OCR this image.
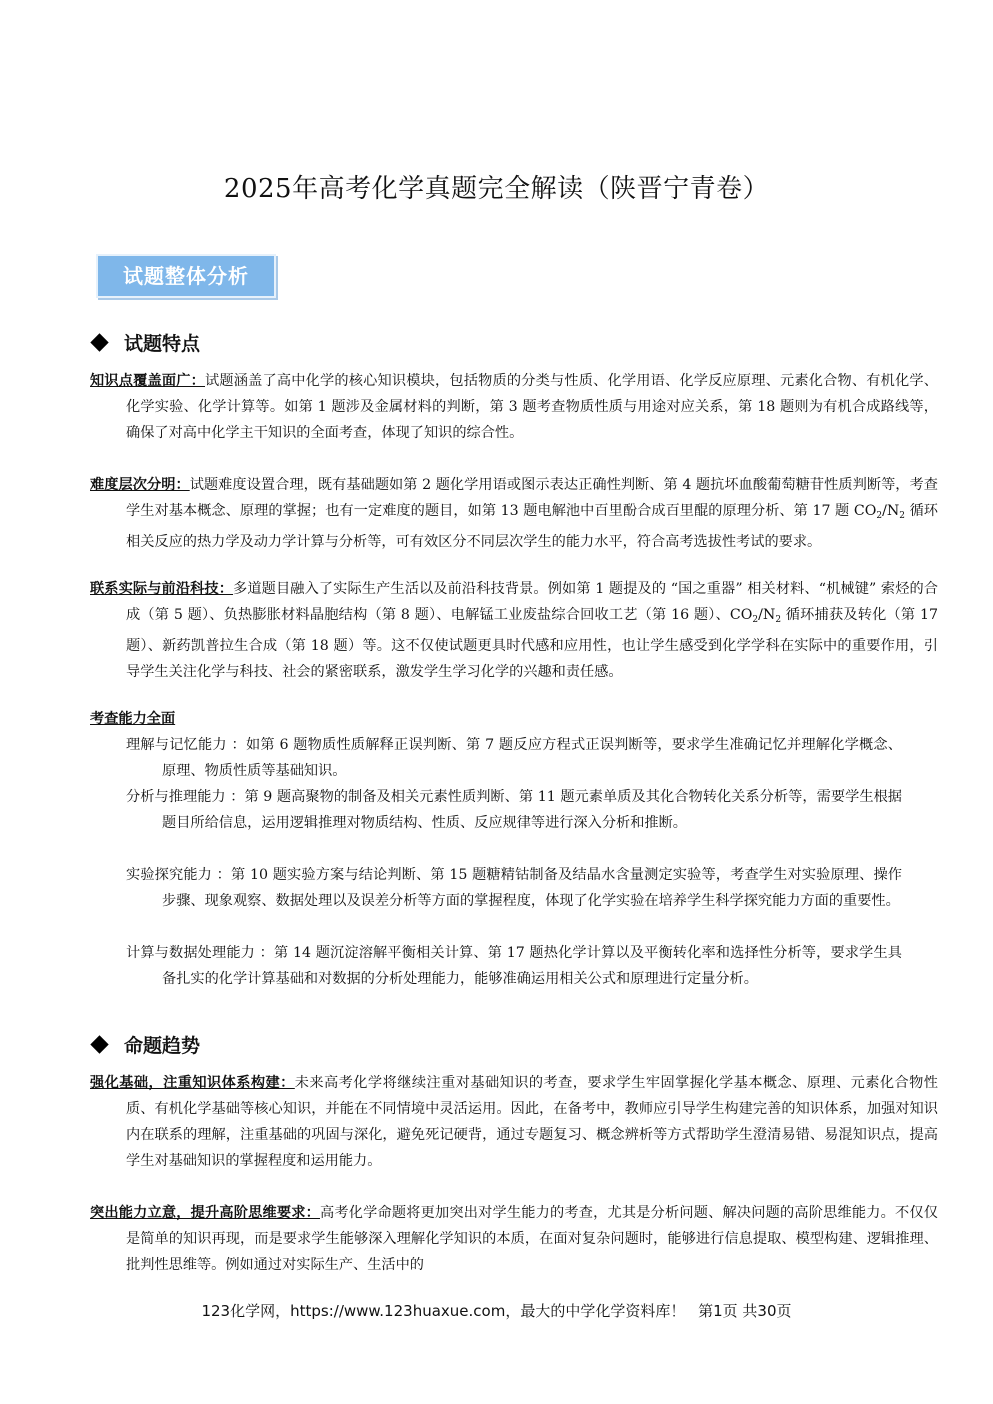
2025年高考化学真题完全解读（陕晋宁青卷）
试题整体分析
试题特点
知识点覆盖面广：试题涵盖了高中化学的核心知识模块，包括物质的分类与性质、化学用语、化学反应原理、元素化合物、有机化学、化学实验、化学计算等。如第 1 题涉及金属材料的判断，第 3 题考查物质性质与用途对应关系，第 18 题则为有机合成路线等，确保了对高中化学主干知识的全面考查，体现了知识的综合性。
难度层次分明：试题难度设置合理，既有基础题如第 2 题化学用语或图示表达正确性判断、第 4 题抗坏血酸葡萄糖苷性质判断等，考查学生对基本概念、原理的掌握；也有一定难度的题目，如第 13 题电解池中百里酚合成百里醌的原理分析、第 17 题 $CO_2/N_2$ 循环相关反应的热力学及动力学计算与分析等，可有效区分不同层次学生的能力水平，符合高考选拔性考试的要求。
联系实际与前沿科技：多道题目融入了实际生产生活以及前沿科技背景。例如第 1 题提及的 “国之重器” 相关材料、“机械键” 索烃的合成（第 5 题）、负热膨胀材料晶胞结构（第 8 题）、电解锰工业废盐综合回收工艺（第 16 题）、$CO_2/N_2$ 循环捕获及转化（第 17 题）、新药凯普拉生合成（第 18 题）等。这不仅使试题更具时代感和应用性，也让学生感受到化学学科在实际中的重要作用，引导学生关注化学与科技、社会的紧密联系，激发学生学习化学的兴趣和责任感。
考查能力全面
理解与记忆能力 ：如第 6 题物质性质解释正误判断、第 7 题反应方程式正误判断等，要求学生准确记忆并理解化学概念、原理、物质性质等基础知识。
分析与推理能力 ：第 9 题高聚物的制备及相关元素性质判断、第 11 题元素单质及其化合物转化关系分析等，需要学生根据题目所给信息，运用逻辑推理对物质结构、性质、反应规律等进行深入分析和推断。
实验探究能力 ：第 10 题实验方案与结论判断、第 15 题糖精钴制备及结晶水含量测定实验等，考查学生对实验原理、操作步骤、现象观察、数据处理以及误差分析等方面的掌握程度，体现了化学实验在培养学生科学探究能力方面的重要性。
计算与数据处理能力 ：第 14 题沉淀溶解平衡相关计算、第 17 题热化学计算以及平衡转化率和选择性分析等，要求学生具备扎实的化学计算基础和对数据的分析处理能力，能够准确运用相关公式和原理进行定量分析。
命题趋势
强化基础，注重知识体系构建：未来高考化学将继续注重对基础知识的考查，要求学生牢固掌握化学基本概念、原理、元素化合物性质、有机化学基础等核心知识，并能在不同情境中灵活运用。因此，在备考中，教师应引导学生构建完善的知识体系，加强对知识内在联系的理解，注重基础的巩固与深化，避免死记硬背，通过专题复习、概念辨析等方式帮助学生澄清易错、易混知识点，提高学生对基础知识的掌握程度和运用能力。
突出能力立意，提升高阶思维要求：高考化学命题将更加突出对学生能力的考查，尤其是分析问题、解决问题的高阶思维能力。不仅仅是简单的知识再现，而是要求学生能够深入理解化学知识的本质，在面对复杂问题时，能够进行信息提取、模型构建、逻辑推理、批判性思维等。例如通过对实际生产、生活中的
123化学网，https://www.123huaxue.com，最大的中学化学资料库！ 第1页 共30页
